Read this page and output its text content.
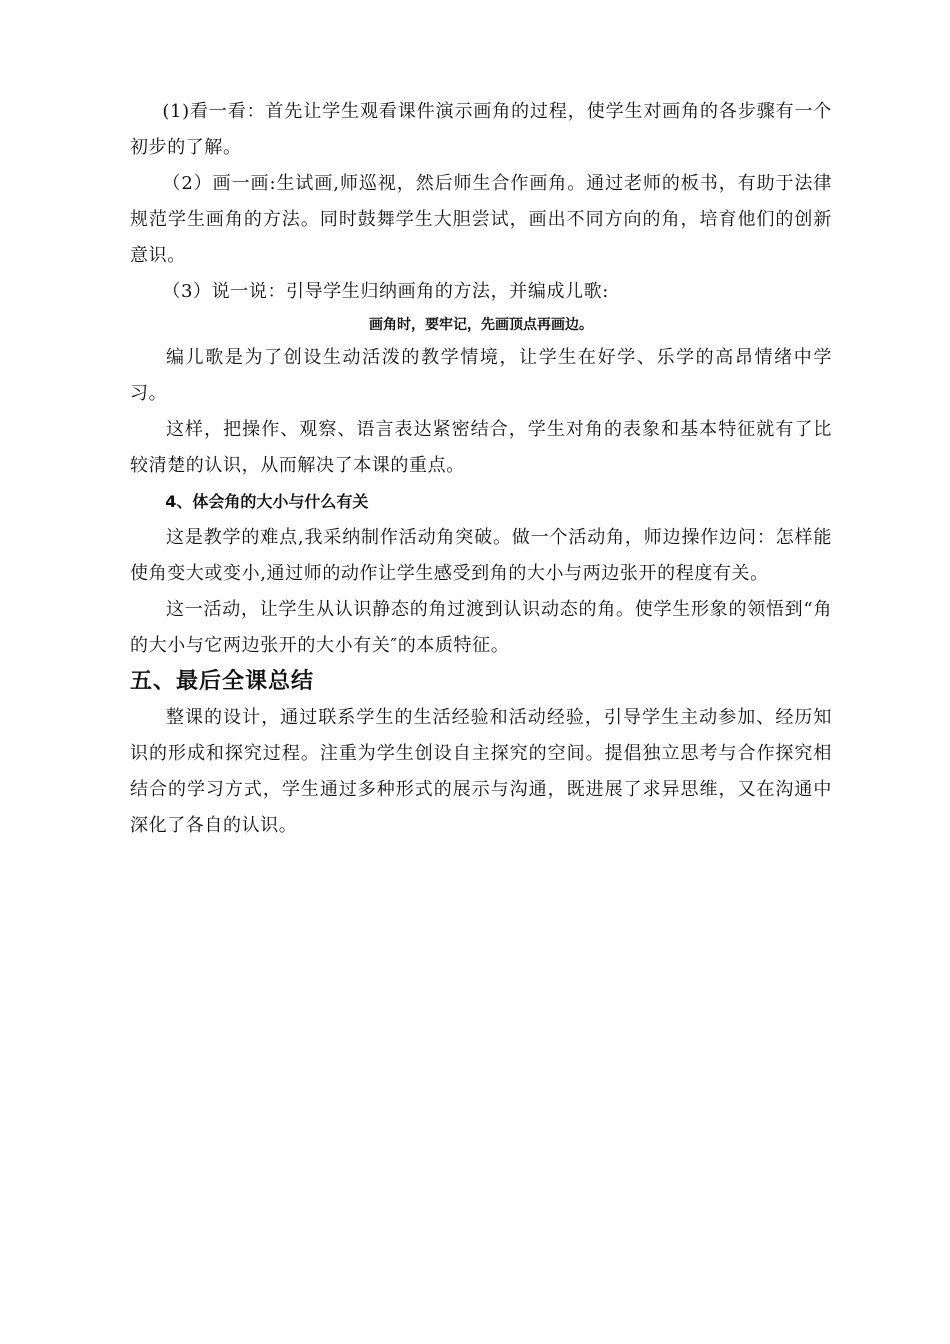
(1)看一看：首先让学生观看课件演示画角的过程，使学生对画角的各步骤有一个初步的了解。

（2）画一画:生试画,师巡视，然后师生合作画角。通过老师的板书，有助于法律规范学生画角的方法。同时鼓舞学生大胆尝试，画出不同方向的角，培育他们的创新意识。

（3）说一说：引导学生归纳画角的方法，并编成儿歌:

画角时，要牢记，先画顶点再画边。

编儿歌是为了创设生动活泼的教学情境，让学生在好学、乐学的高昂情绪中学习。

这样，把操作、观察、语言表达紧密结合，学生对角的表象和基本特征就有了比较清楚的认识，从而解决了本课的重点。

4、体会角的大小与什么有关

这是教学的难点,我采纳制作活动角突破。做一个活动角，师边操作边问：怎样能使角变大或变小,通过师的动作让学生感受到角的大小与两边张开的程度有关。

这一活动，让学生从认识静态的角过渡到认识动态的角。使学生形象的领悟到“角的大小与它两边张开的大小有关″的本质特征。

五、最后全课总结

整课的设计，通过联系学生的生活经验和活动经验，引导学生主动参加、经历知识的形成和探究过程。注重为学生创设自主探究的空间。提倡独立思考与合作探究相结合的学习方式，学生通过多种形式的展示与沟通，既进展了求异思维，又在沟通中深化了各自的认识。
